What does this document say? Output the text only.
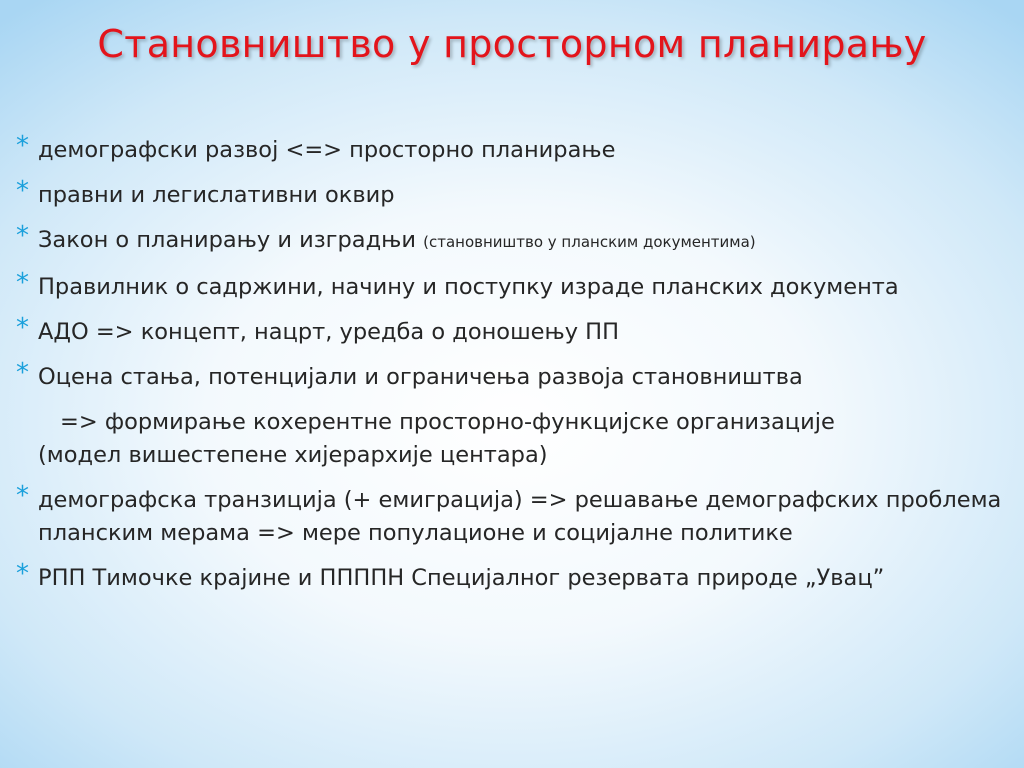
Становништво у просторном планирању
* демографски развој <=> просторно планирање
* правни и легислативни оквир
* Закон о планирању и изградњи (становништво у планским документима)
* Правилник о садржини, начину и поступку израде планских документа
* АДО => концепт, нацрт, уредба о доношењу ПП
* Оцена стања, потенцијали и ограничења развоја становништва
=> формирање кохерентне просторно-функцијске организације
(модел вишестепене хијерархије центара)
* демографска транзиција (+ емиграција) => решавање демографских проблема планским мерама => мере популационе и социјалне политике
* РПП Тимочке крајине и ППППН Специјалног резервата природе „Увац”
